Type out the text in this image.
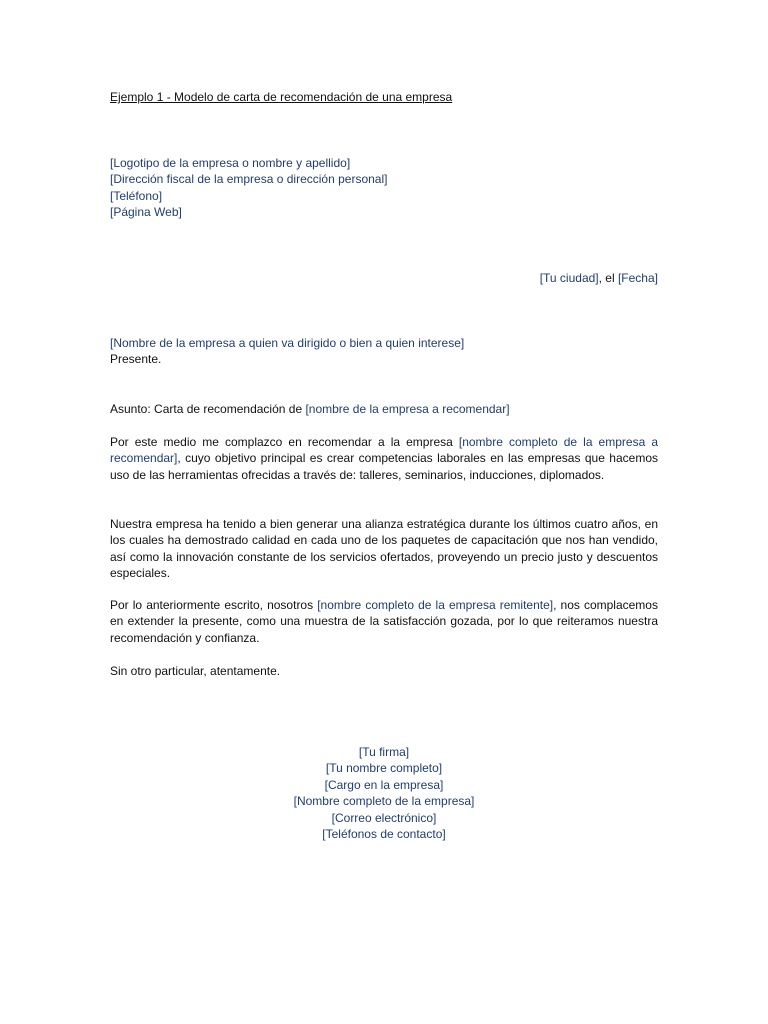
Ejemplo 1 - Modelo de carta de recomendación de una empresa
[Logotipo de la empresa o nombre y apellido]
[Dirección fiscal de la empresa o dirección personal]
[Teléfono]
[Página Web]
[Tu ciudad], el [Fecha]
[Nombre de la empresa a quien va dirigido o bien a quien interese]
Presente.
Asunto: Carta de recomendación de [nombre de la empresa a recomendar]
Por este medio me complazco en recomendar a la empresa [nombre completo de la empresa a recomendar], cuyo objetivo principal es crear competencias laborales en las empresas que hacemos uso de las herramientas ofrecidas a través de: talleres, seminarios, inducciones, diplomados.
Nuestra empresa ha tenido a bien generar una alianza estratégica durante los últimos cuatro años, en los cuales ha demostrado calidad en cada uno de los paquetes de capacitación que nos han vendido, así como la innovación constante de los servicios ofertados, proveyendo un precio justo y descuentos especiales.
Por lo anteriormente escrito, nosotros [nombre completo de la empresa remitente], nos complacemos en extender la presente, como una muestra de la satisfacción gozada, por lo que reiteramos nuestra recomendación y confianza.
Sin otro particular, atentamente.
[Tu firma]
[Tu nombre completo]
[Cargo en la empresa]
[Nombre completo de la empresa]
[Correo electrónico]
[Teléfonos de contacto]
